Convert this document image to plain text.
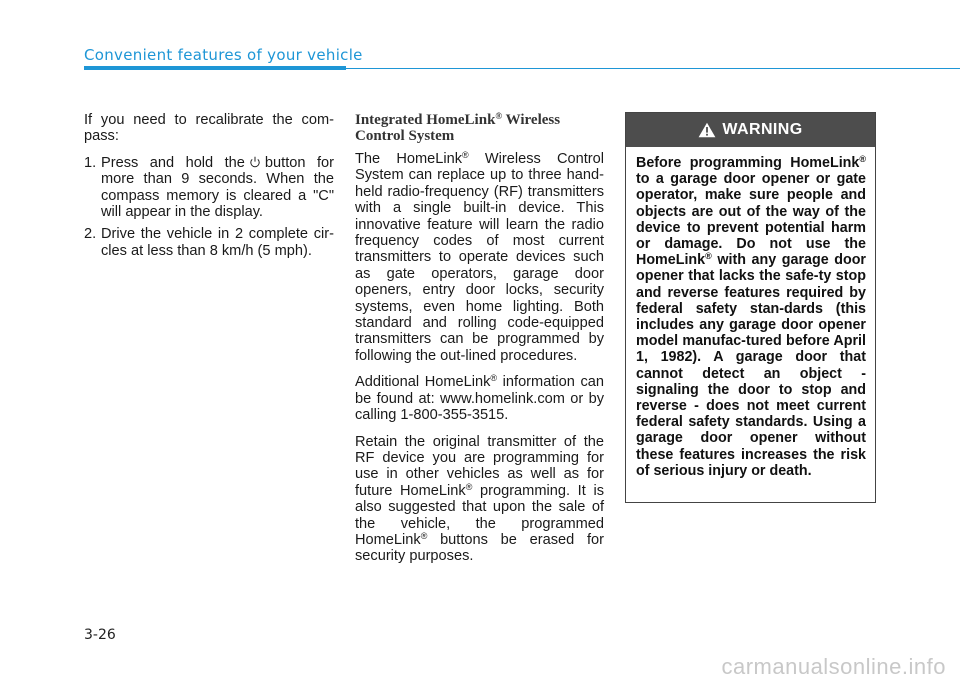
Convenient features of your vehicle

If you need to recalibrate the com-pass:

1. Press and hold the button for more than 9 seconds. When the compass memory is cleared a "C" will appear in the display.
2. Drive the vehicle in 2 complete cir-cles at less than 8 km/h (5 mph).
Integrated HomeLink® Wireless Control System

The HomeLink® Wireless Control System can replace up to three hand-held radio-frequency (RF) transmitters with a single built-in device. This innovative feature will learn the radio frequency codes of most current transmitters to operate devices such as gate operators, garage door openers, entry door locks, security systems, even home lighting. Both standard and rolling code-equipped transmitters can be programmed by following the out-lined procedures.

Additional HomeLink® information can be found at: www.homelink.com or by calling 1-800-355-3515.

Retain the original transmitter of the RF device you are programming for use in other vehicles as well as for future HomeLink® programming. It is also suggested that upon the sale of the vehicle, the programmed HomeLink® buttons be erased for security purposes.

WARNING
Before programming HomeLink® to a garage door opener or gate operator, make sure people and objects are out of the way of the device to prevent potential harm or damage. Do not use the HomeLink® with any garage door opener that lacks the safe-ty stop and reverse features required by federal safety stan-dards (this includes any garage door opener model manufac-tured before April 1, 1982). A garage door that cannot detect an object - signaling the door to stop and reverse - does not meet current federal safety standards. Using a garage door opener without these features increases the risk of serious injury or death.
3-26
carmanualsonline.info
